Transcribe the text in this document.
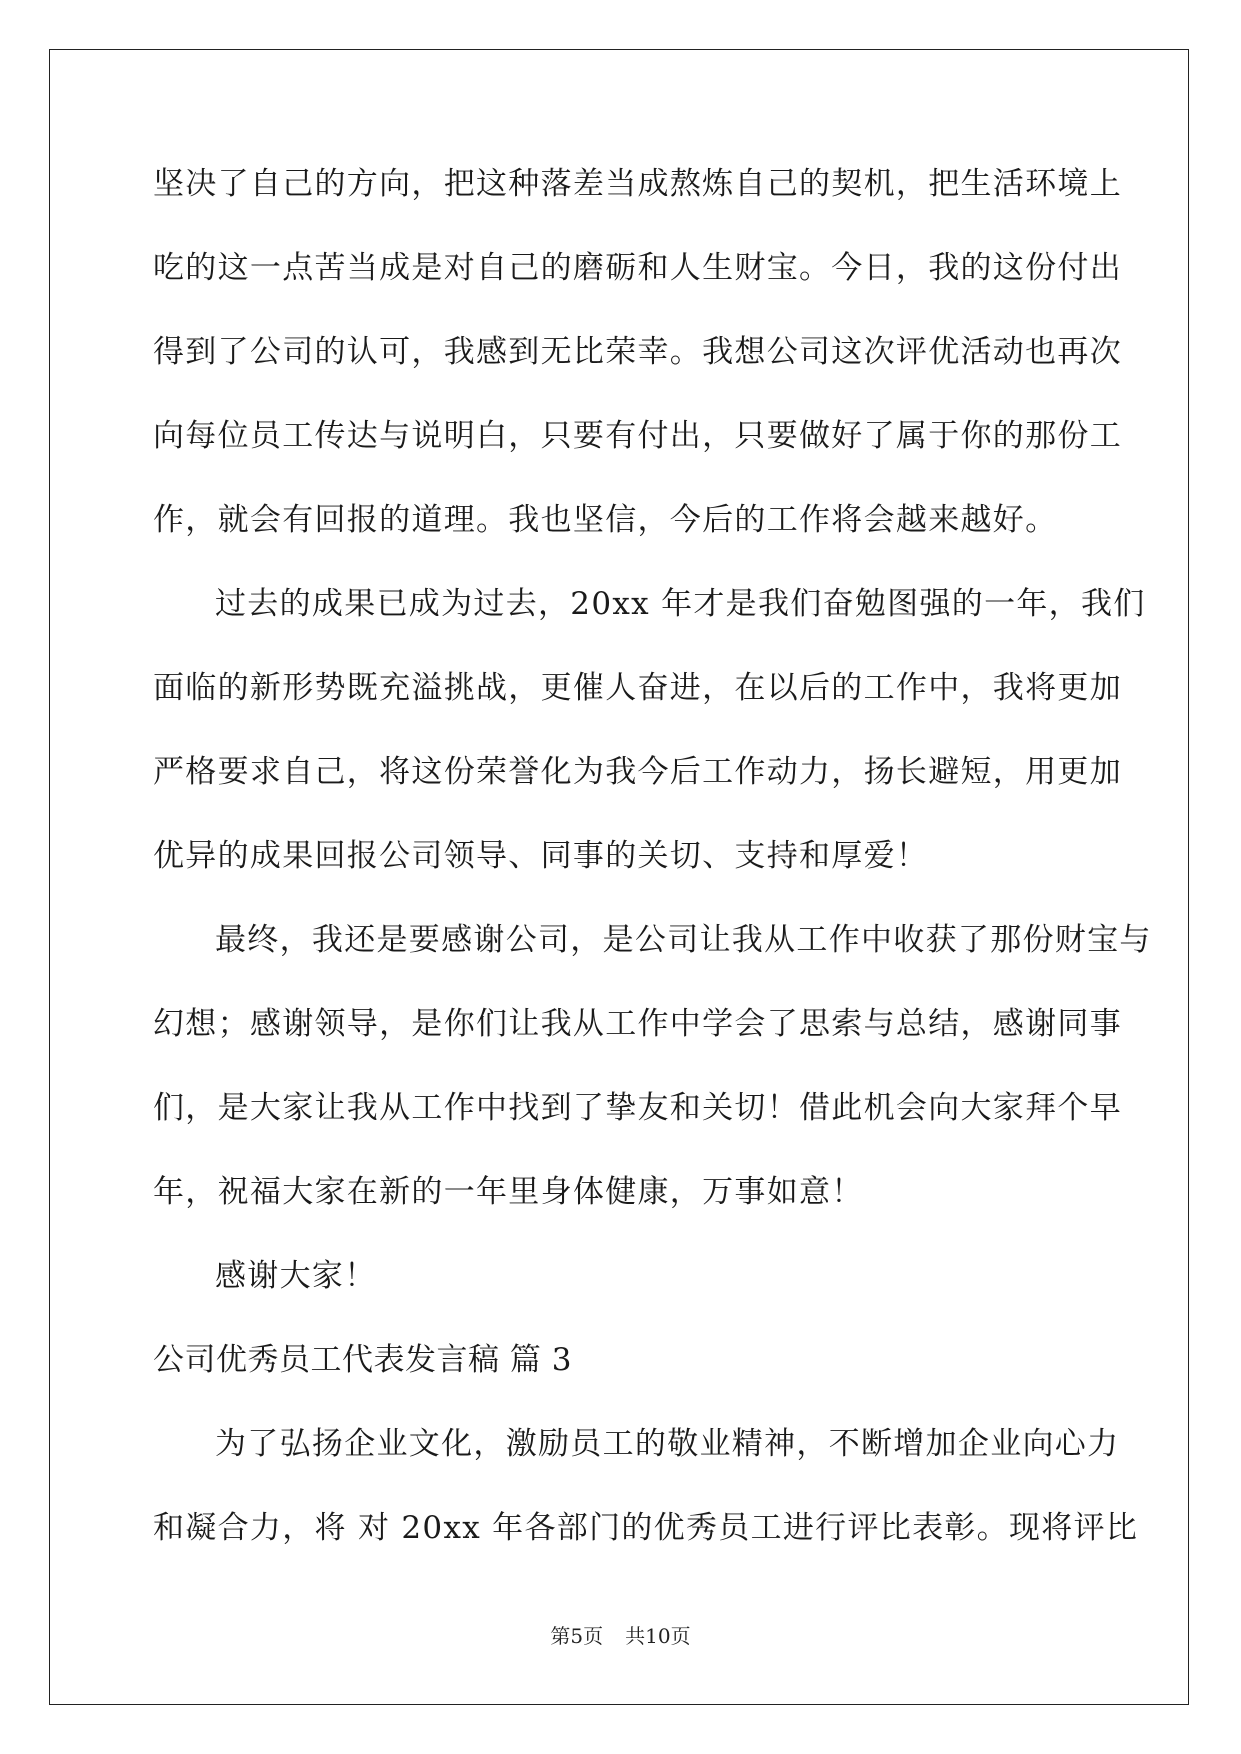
坚决了自己的方向，把这种落差当成熬炼自己的契机，把生活环境上
吃的这一点苦当成是对自己的磨砺和人生财宝。今日，我的这份付出
得到了公司的认可，我感到无比荣幸。我想公司这次评优活动也再次
向每位员工传达与说明白，只要有付出，只要做好了属于你的那份工
作，就会有回报的道理。我也坚信，今后的工作将会越来越好。
过去的成果已成为过去，20xx 年才是我们奋勉图强的一年，我们
面临的新形势既充溢挑战，更催人奋进，在以后的工作中，我将更加
严格要求自己，将这份荣誉化为我今后工作动力，扬长避短，用更加
优异的成果回报公司领导、同事的关切、支持和厚爱！
最终，我还是要感谢公司，是公司让我从工作中收获了那份财宝与
幻想；感谢领导，是你们让我从工作中学会了思索与总结，感谢同事
们，是大家让我从工作中找到了挚友和关切！借此机会向大家拜个早
年，祝福大家在新的一年里身体健康，万事如意！
感谢大家！
公司优秀员工代表发言稿 篇 3
为了弘扬企业文化，激励员工的敬业精神，不断增加企业向心力
和凝合力，将 对 20xx 年各部门的优秀员工进行评比表彰。现将评比
第5页 共10页
